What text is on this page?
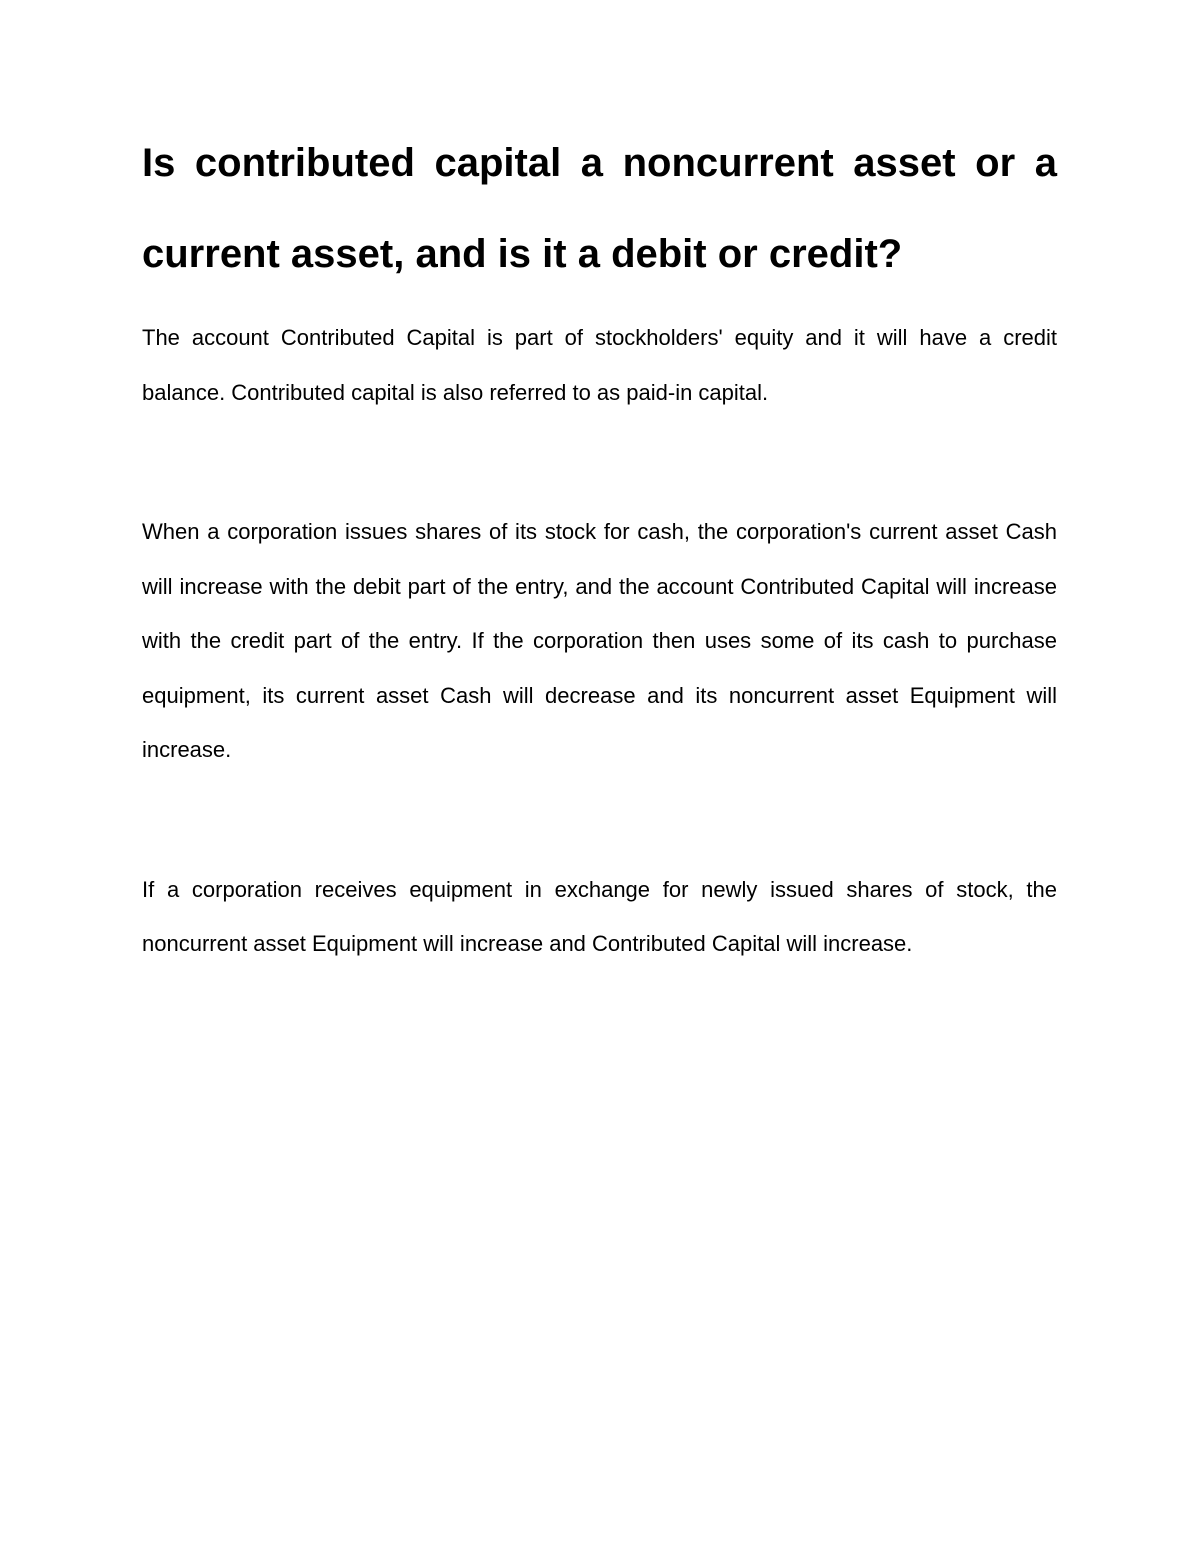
Is contributed capital a noncurrent asset or a current asset, and is it a debit or credit?

The account Contributed Capital is part of stockholders' equity and it will have a credit balance. Contributed capital is also referred to as paid-in capital.

When a corporation issues shares of its stock for cash, the corporation's current asset Cash will increase with the debit part of the entry, and the account Contributed Capital will increase with the credit part of the entry. If the corporation then uses some of its cash to purchase equipment, its current asset Cash will decrease and its noncurrent asset Equipment will increase.

If a corporation receives equipment in exchange for newly issued shares of stock, the noncurrent asset Equipment will increase and Contributed Capital will increase.
